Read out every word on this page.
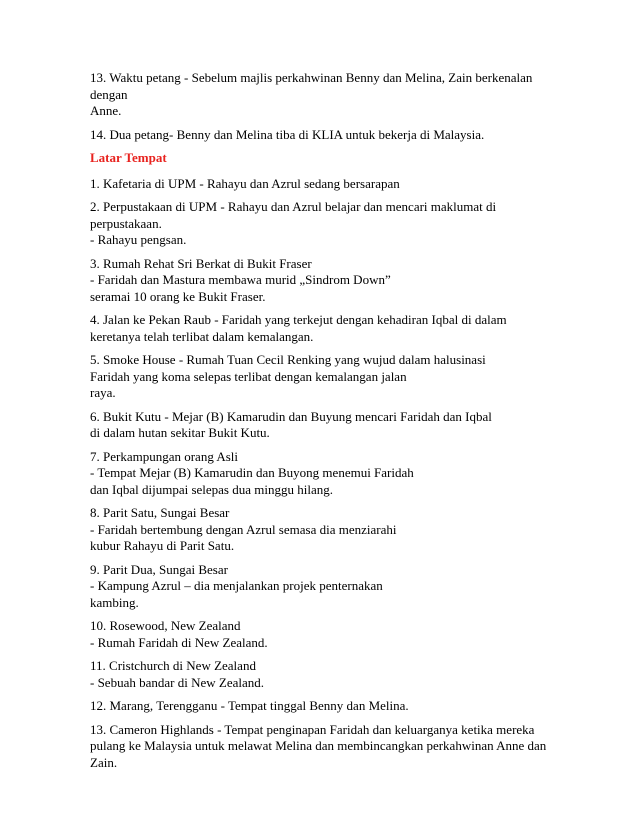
13. Waktu petang - Sebelum majlis perkahwinan Benny dan Melina, Zain berkenalan
dengan
Anne.
14. Dua petang- Benny dan Melina tiba di KLIA untuk bekerja di Malaysia.
Latar Tempat
1. Kafetaria di UPM - Rahayu dan Azrul sedang bersarapan
2. Perpustakaan di UPM - Rahayu dan Azrul belajar dan mencari maklumat di
perpustakaan.
- Rahayu pengsan.
3. Rumah Rehat Sri Berkat di Bukit Fraser
- Faridah dan Mastura membawa murid „Sindrom Down”
seramai 10 orang ke Bukit Fraser.
4. Jalan ke Pekan Raub - Faridah yang terkejut dengan kehadiran Iqbal di dalam
keretanya telah terlibat dalam kemalangan.
5. Smoke House - Rumah Tuan Cecil Renking yang wujud dalam halusinasi
Faridah yang koma selepas terlibat dengan kemalangan jalan
raya.
6. Bukit Kutu - Mejar (B) Kamarudin dan Buyung mencari Faridah dan Iqbal
di dalam hutan sekitar Bukit Kutu.
7. Perkampungan orang Asli
- Tempat Mejar (B) Kamarudin dan Buyong menemui Faridah
dan Iqbal dijumpai selepas dua minggu hilang.
8. Parit Satu, Sungai Besar
- Faridah bertembung dengan Azrul semasa dia menziarahi
kubur Rahayu di Parit Satu.
9. Parit Dua, Sungai Besar
- Kampung Azrul – dia menjalankan projek penternakan
kambing.
10. Rosewood, New Zealand
- Rumah Faridah di New Zealand.
11. Cristchurch di New Zealand
- Sebuah bandar di New Zealand.
12. Marang, Terengganu - Tempat tinggal Benny dan Melina.
13. Cameron Highlands - Tempat penginapan Faridah dan keluarganya ketika mereka
pulang ke Malaysia untuk melawat Melina dan membincangkan perkahwinan Anne dan
Zain.
